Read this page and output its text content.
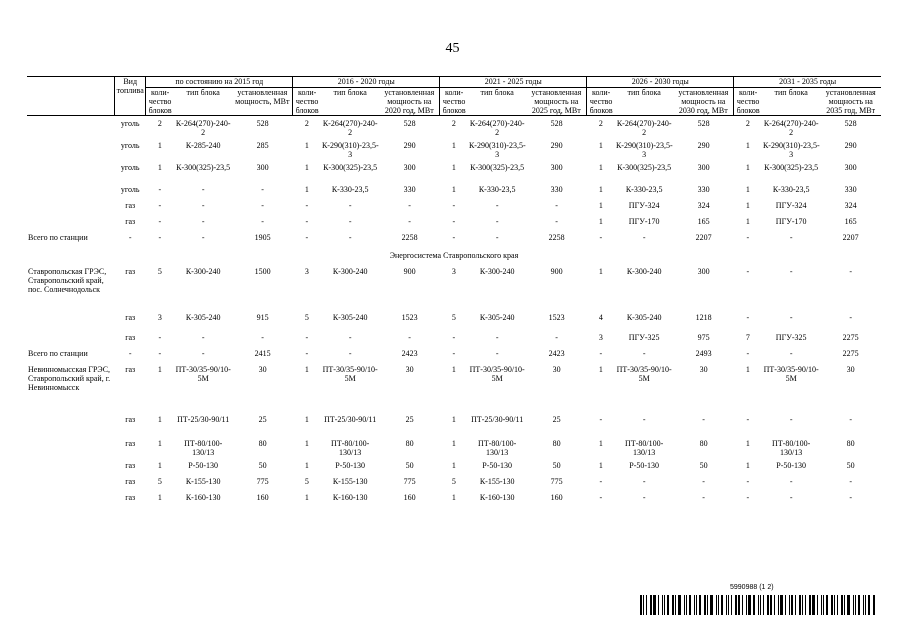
45
	Вид топлива	по состоянию на 2015 год			2016 - 2020 годы			2021 - 2025 годы			2026 - 2030 годы			2031 - 2035 годы		
		коли-чество блоков	тип блока	установленная мощность, МВт	коли-чество блоков	тип блока	установленная мощность на 2020 год, МВт	коли-чество блоков	тип блока	установленная мощность на 2025 год, МВт	коли-чество блоков	тип блока	установленная мощность на 2030 год, МВт	коли-чество блоков	тип блока	установленная мощность на 2035 год, МВт
	уголь	2	К-264(270)-240-2	528	2	К-264(270)-240-2	528	2	К-264(270)-240-2	528	2	К-264(270)-240-2	528	2	К-264(270)-240-2	528
	уголь	1	К-285-240	285	1	К-290(310)-23,5-3	290	1	К-290(310)-23,5-3	290	1	К-290(310)-23,5-3	290	1	К-290(310)-23,5-3	290
	уголь	1	К-300(325)-23,5	300	1	К-300(325)-23,5	300	1	К-300(325)-23,5	300	1	К-300(325)-23,5	300	1	К-300(325)-23,5	300
	уголь	-	-	-	1	К-330-23,5	330	1	К-330-23,5	330	1	К-330-23,5	330	1	К-330-23,5	330
	газ	-	-	-	-	-	-	-	-	-	1	ПГУ-324	324	1	ПГУ-324	324
	газ	-	-	-	-	-	-	-	-	-	1	ПГУ-170	165	1	ПГУ-170	165
Всего по станции	-	-	-	1905	-	-	2258	-	-	2258	-	-	2207	-	-	2207
Энергосистема Ставропольского края																
Ставропольская ГРЭС, Ставропольский край, пос. Солнечнодольск	газ	5	К-300-240	1500	3	К-300-240	900	3	К-300-240	900	1	К-300-240	300	-	-	-
	газ	3	К-305-240	915	5	К-305-240	1523	5	К-305-240	1523	4	К-305-240	1218	-	-	-
	газ	-	-	-	-	-	-	-	-	-	3	ПГУ-325	975	7	ПГУ-325	2275
Всего по станции	-	-	-	2415	-	-	2423	-	-	2423	-	-	2493	-	-	2275
Невинномысская ГРЭС, Ставропольский край, г. Невинномысск	газ	1	ПТ-30/35-90/10-5М	30	1	ПТ-30/35-90/10-5М	30	1	ПТ-30/35-90/10-5М	30	1	ПТ-30/35-90/10-5М	30	1	ПТ-30/35-90/10-5М	30
	газ	1	ПТ-25/30-90/11	25	1	ПТ-25/30-90/11	25	1	ПТ-25/30-90/11	25	-	-	-	-	-	-
	газ	1	ПТ-80/100-130/13	80	1	ПТ-80/100-130/13	80	1	ПТ-80/100-130/13	80	1	ПТ-80/100-130/13	80	1	ПТ-80/100-130/13	80
	газ	1	Р-50-130	50	1	Р-50-130	50	1	Р-50-130	50	1	Р-50-130	50	1	Р-50-130	50
	газ	5	К-155-130	775	5	К-155-130	775	5	К-155-130	775	-	-	-	-	-	-
	газ	1	К-160-130	160	1	К-160-130	160	1	К-160-130	160	-	-	-	-	-	-
5990988 (1 2)
